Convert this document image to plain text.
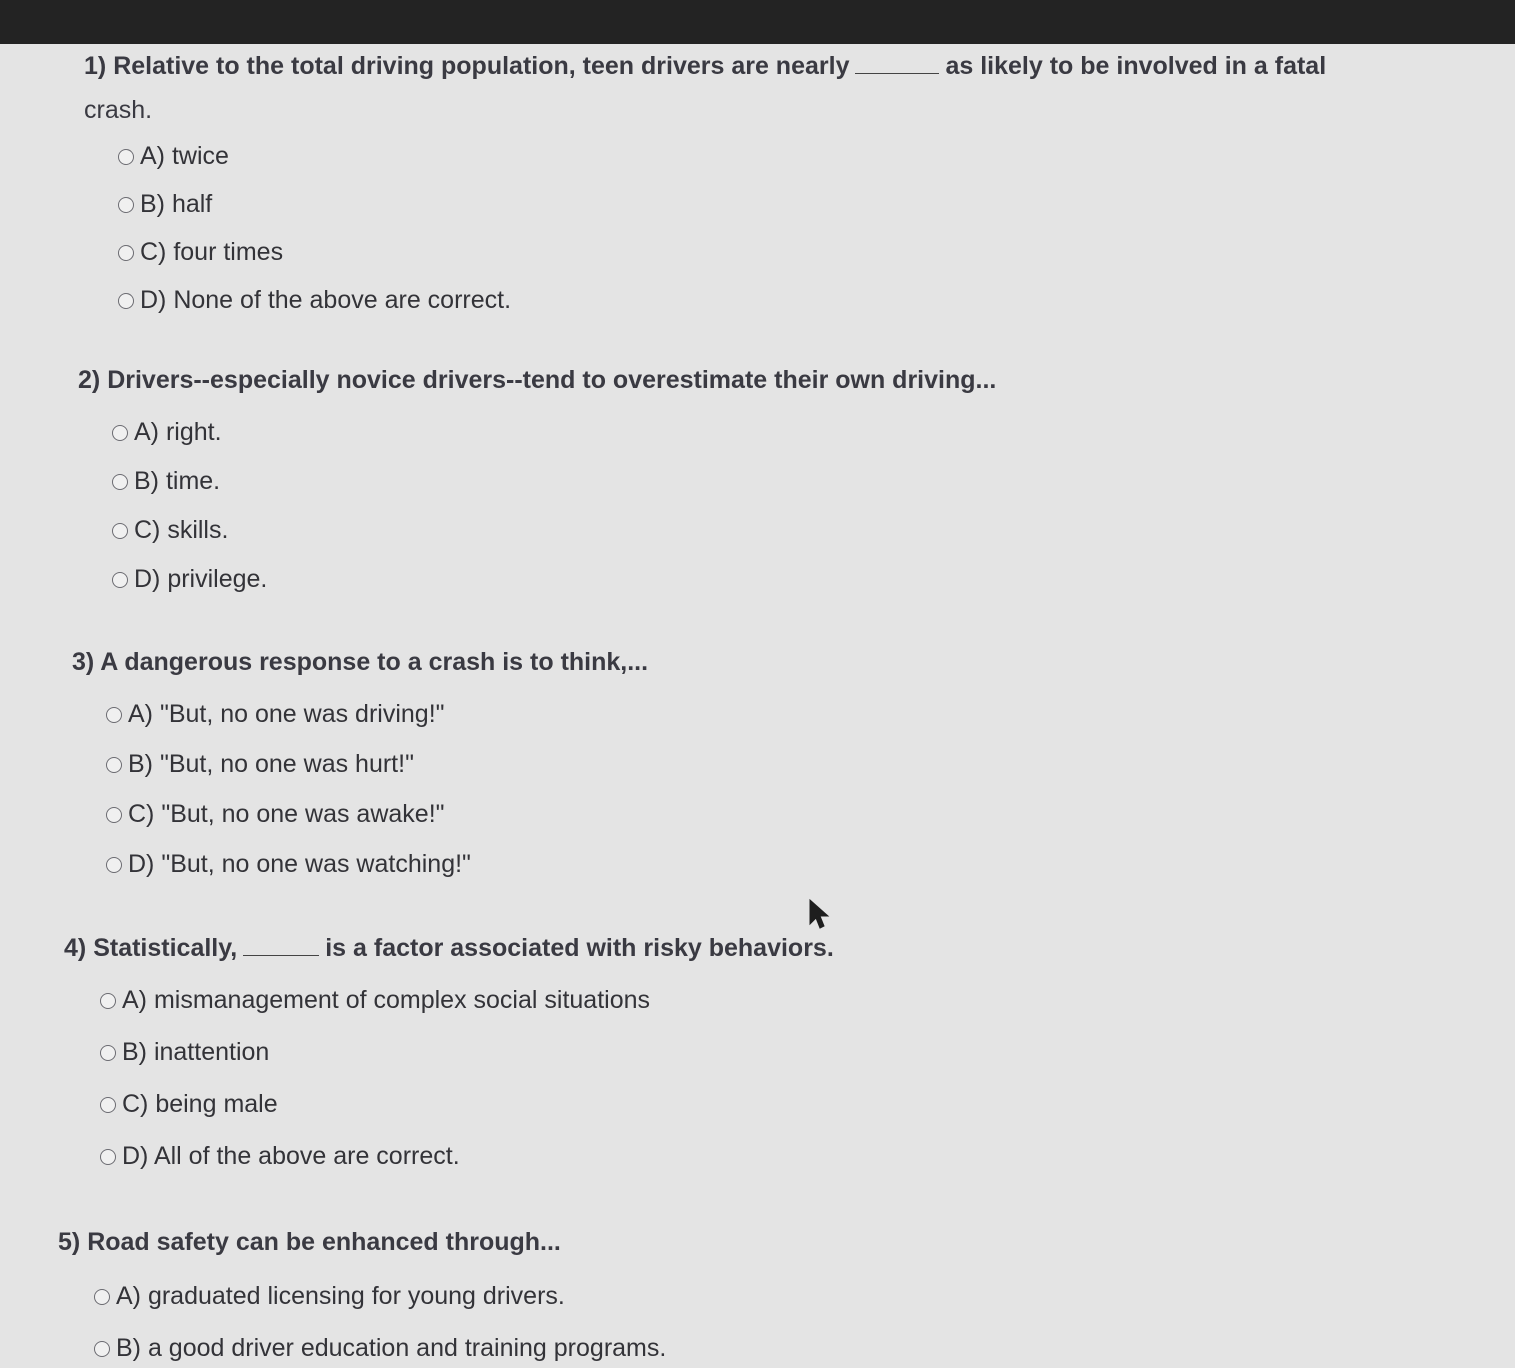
1) Relative to the total driving population, teen drivers are nearly	as likely to be involved in a fatal
crash.
A) twice
B) half
C) four times
D) None of the above are correct.
2) Drivers--especially novice drivers--tend to overestimate their own driving...
A) right.
B) time.
C) skills.
D) privilege.
3) A dangerous response to a crash is to think,...
A) "But, no one was driving!"
B) "But, no one was hurt!"
C) "But, no one was awake!"
D) "But, no one was watching!"
4) Statistically,	is a factor associated with risky behaviors.
A) mismanagement of complex social situations
B) inattention
C) being male
D) All of the above are correct.
5) Road safety can be enhanced through...
A) graduated licensing for young drivers.
B) a good driver education and training programs.
